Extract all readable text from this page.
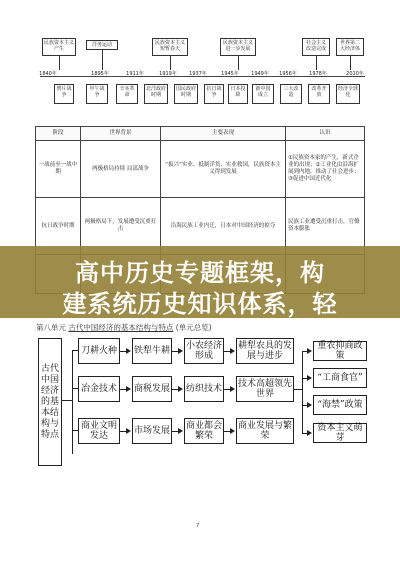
1840年	1895年	1911年	1919年 1937年	1945年 1949年 1956年 1978年	2010年
民族资本主义产生
洋务运动	民族资本主义短暂春天
民族资本主义进一步发展
社会主义改造完成
世界第二大经济体
鸦片战争
甲午战争
辛亥革命
北洋政府时期
国民政府时期
抗日战争
日本投降
新中国成立
三大改造
改革开放
经济全球化
阶段	世界背景	主要表现	认识
一战前至一战中期	两极格局持续 局部战争	“振兴”实业、抵制洋货、实业救国，民族资本主义得到发展	①民族资本家的产生，新式企业的出现；②工业化由沿海扩展到内地，推动了社会进步；③促进中国近代化
抗日战争时期	两极格局下，发展遭受沉重打击	沿海民族工业内迁，日本对中国经济的掠夺	民族工业遭受沉重打击，官僚资本膨胀

高中历史专题框架，构
建系统历史知识体系，轻
第八单元 古代中国经济的基本结构与特点 (单元总览)
古代中国经济的基本结构与特点
刀耕火种
冶金技术
商业文明发达
铁犁牛耕
商税发展
市场发展
小农经济形成
纺织技术
商业都会繁荣
耕犁农具的发展与进步
技术高超领先世界
商业发展与繁荣
重农抑商政策
“工商食官”
“海禁”政策
资本主义萌芽
7
